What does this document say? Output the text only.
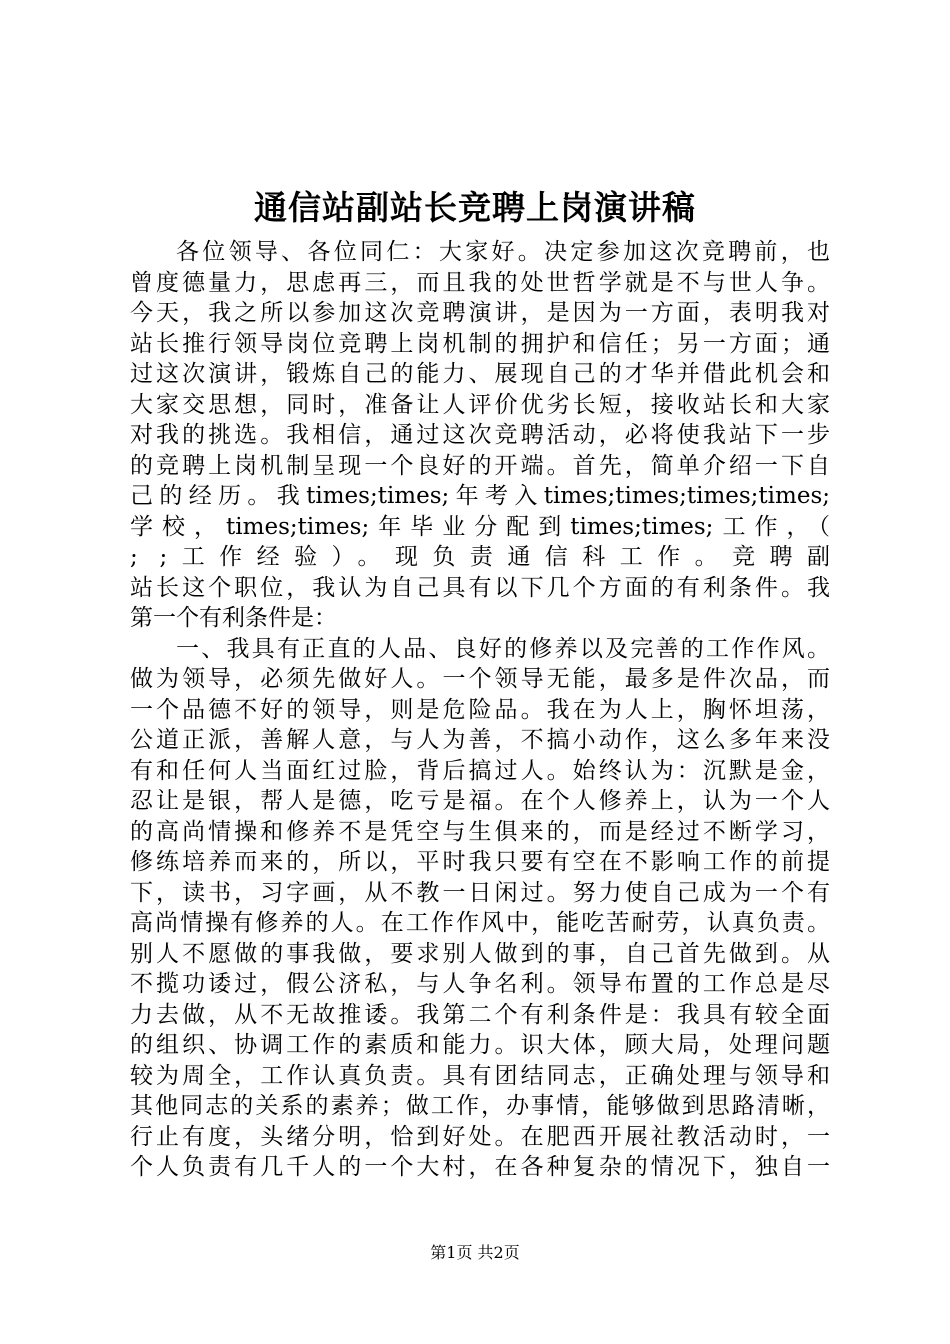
通信站副站长竞聘上岗演讲稿
各位领导、各位同仁：大家好。决定参加这次竞聘前，也
曾度德量力，思虑再三，而且我的处世哲学就是不与世人争。
今天，我之所以参加这次竞聘演讲，是因为一方面，表明我对
站长推行领导岗位竞聘上岗机制的拥护和信任；另一方面；通
过这次演讲，锻炼自己的能力、展现自己的才华并借此机会和
大家交思想，同时，准备让人评价优劣长短，接收站长和大家
对我的挑选。我相信，通过这次竞聘活动，必将使我站下一步
的竞聘上岗机制呈现一个良好的开端。首先，简单介绍一下自
己的经历。我times;times;年考入times;times;times;times;
学校，times;times;年毕业分配到times;times;工作，（
; ;工作经验）。现负责通信科工作。竞聘副
站长这个职位，我认为自己具有以下几个方面的有利条件。我
第一个有利条件是：
一、我具有正直的人品、良好的修养以及完善的工作作风。
做为领导，必须先做好人。一个领导无能，最多是件次品，而
一个品德不好的领导，则是危险品。我在为人上，胸怀坦荡，
公道正派，善解人意，与人为善，不搞小动作，这么多年来没
有和任何人当面红过脸，背后搞过人。始终认为：沉默是金，
忍让是银，帮人是德，吃亏是福。在个人修养上，认为一个人
的高尚情操和修养不是凭空与生俱来的，而是经过不断学习，
修练培养而来的，所以，平时我只要有空在不影响工作的前提
下，读书，习字画，从不教一日闲过。努力使自己成为一个有
高尚情操有修养的人。在工作作风中，能吃苦耐劳，认真负责。
别人不愿做的事我做，要求别人做到的事，自己首先做到。从
不揽功诿过，假公济私，与人争名利。领导布置的工作总是尽
力去做，从不无故推诿。我第二个有利条件是：我具有较全面
的组织、协调工作的素质和能力。识大体，顾大局，处理问题
较为周全，工作认真负责。具有团结同志，正确处理与领导和
其他同志的关系的素养；做工作，办事情，能够做到思路清晰，
行止有度，头绪分明，恰到好处。在肥西开展社教活动时，一
个人负责有几千人的一个大村，在各种复杂的情况下，独自一
第1页 共2页
